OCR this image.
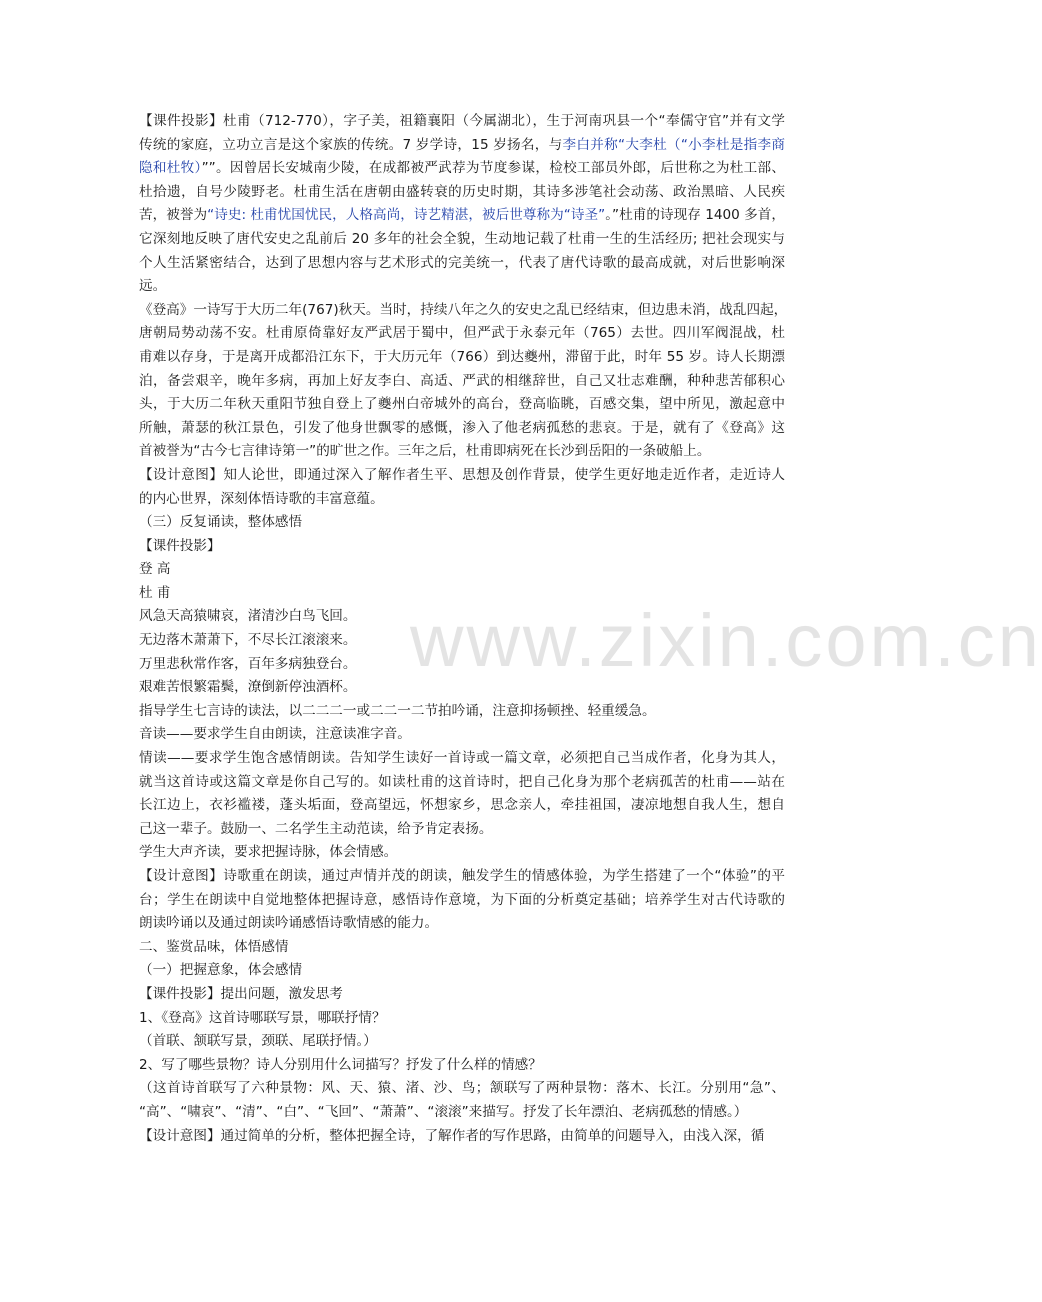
www.zixin.com.cn
【课件投影】杜甫（712-770），字子美，祖籍襄阳（今属湖北），生于河南巩县一个“奉儒守官”并有文学
传统的家庭，立功立言是这个家族的传统。7 岁学诗，15 岁扬名，与李白并称“大李杜（“小李杜是指李商
隐和杜牧）””。因曾居长安城南少陵，在成都被严武荐为节度参谋，检校工部员外郎，后世称之为杜工部、
杜拾遗，自号少陵野老。杜甫生活在唐朝由盛转衰的历史时期，其诗多涉笔社会动荡、政治黑暗、人民疾
苦，被誉为“诗史: 杜甫忧国忧民，人格高尚，诗艺精湛，被后世尊称为“诗圣”。”杜甫的诗现存 1400 多首，
它深刻地反映了唐代安史之乱前后 20 多年的社会全貌，生动地记载了杜甫一生的生活经历; 把社会现实与
个人生活紧密结合，达到了思想内容与艺术形式的完美统一，代表了唐代诗歌的最高成就，对后世影响深
远。
《登高》一诗写于大历二年(767)秋天。当时，持续八年之久的安史之乱已经结束，但边患未消，战乱四起，
唐朝局势动荡不安。杜甫原倚靠好友严武居于蜀中，但严武于永泰元年（765）去世。四川军阀混战，杜
甫难以存身，于是离开成都沿江东下，于大历元年（766）到达夔州，滞留于此，时年 55 岁。诗人长期漂
泊，备尝艰辛，晚年多病，再加上好友李白、高适、严武的相继辞世，自己又壮志难酬，种种悲苦郁积心
头，于大历二年秋天重阳节独自登上了夔州白帝城外的高台，登高临眺，百感交集，望中所见，激起意中
所触，萧瑟的秋江景色，引发了他身世飘零的感慨，渗入了他老病孤愁的悲哀。于是，就有了《登高》这
首被誉为“古今七言律诗第一”的旷世之作。三年之后，杜甫即病死在长沙到岳阳的一条破船上。
【设计意图】知人论世，即通过深入了解作者生平、思想及创作背景，使学生更好地走近作者，走近诗人
的内心世界，深刻体悟诗歌的丰富意蕴。
（三）反复诵读，整体感悟
【课件投影】
登 高
杜 甫
风急天高猿啸哀，渚清沙白鸟飞回。
无边落木萧萧下，不尽长江滚滚来。
万里悲秋常作客，百年多病独登台。
艰难苦恨繁霜鬓，潦倒新停浊酒杯。
指导学生七言诗的读法，以二二二一或二二一二节拍吟诵，注意抑扬顿挫、轻重缓急。
音读——要求学生自由朗读，注意读准字音。
情读——要求学生饱含感情朗读。告知学生读好一首诗或一篇文章，必须把自己当成作者，化身为其人，
就当这首诗或这篇文章是你自己写的。如读杜甫的这首诗时，把自己化身为那个老病孤苦的杜甫——站在
长江边上，衣衫褴褛，蓬头垢面，登高望远，怀想家乡，思念亲人，牵挂祖国，凄凉地想自我人生，想自
己这一辈子。鼓励一、二名学生主动范读，给予肯定表扬。
学生大声齐读，要求把握诗脉，体会情感。
【设计意图】诗歌重在朗读，通过声情并茂的朗读，触发学生的情感体验，为学生搭建了一个“体验”的平
台；学生在朗读中自觉地整体把握诗意，感悟诗作意境，为下面的分析奠定基础；培养学生对古代诗歌的
朗读吟诵以及通过朗读吟诵感悟诗歌情感的能力。
二、鉴赏品味，体悟感情
（一）把握意象，体会感情
【课件投影】提出问题，激发思考
1、《登高》这首诗哪联写景，哪联抒情？
（首联、颔联写景，颈联、尾联抒情。）
2、写了哪些景物？诗人分别用什么词描写？抒发了什么样的情感？
（这首诗首联写了六种景物：风、天、猿、渚、沙、鸟；颔联写了两种景物：落木、长江。分别用“急”、
“高”、“啸哀”、“清”、“白”、“飞回”、“萧萧”、“滚滚”来描写。抒发了长年漂泊、老病孤愁的情感。）
【设计意图】通过简单的分析，整体把握全诗，了解作者的写作思路，由简单的问题导入，由浅入深，循
